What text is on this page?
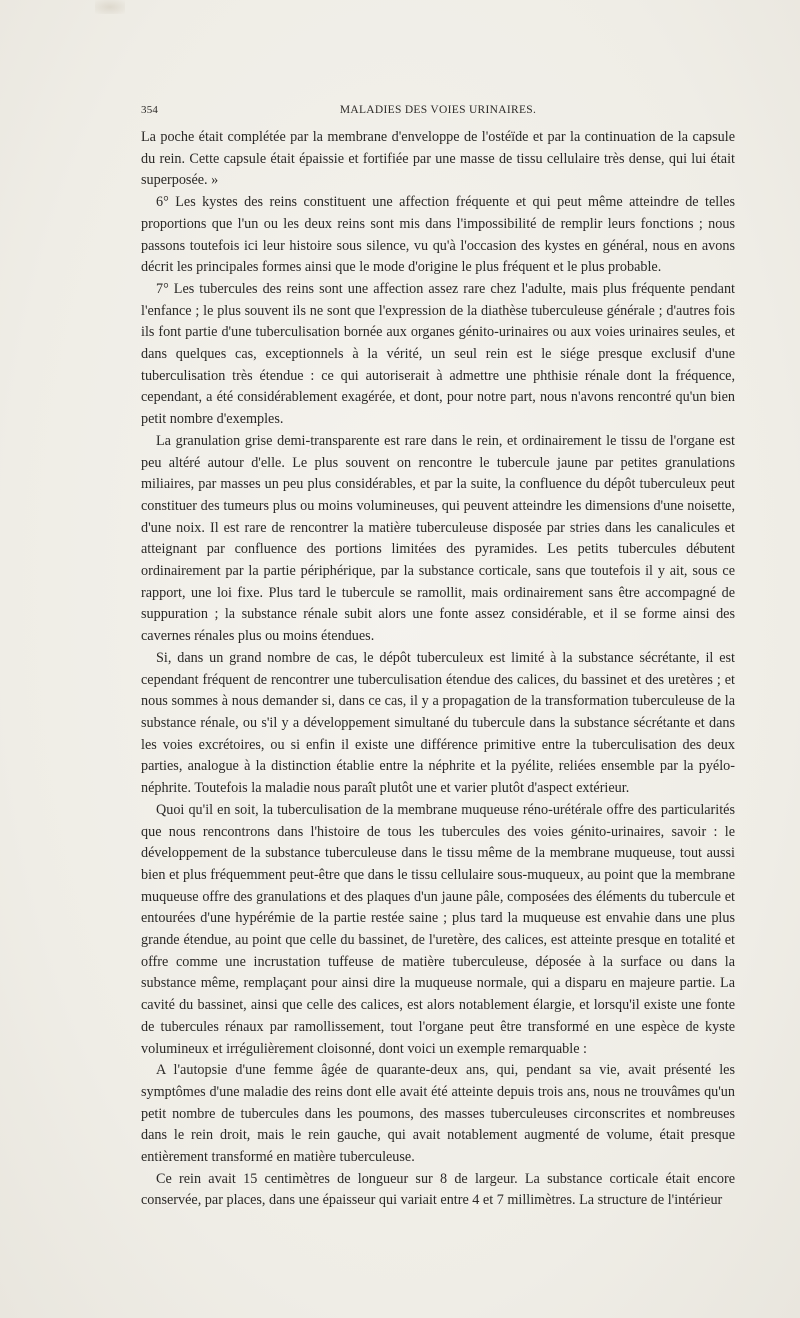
354	MALADIES DES VOIES URINAIRES.

La poche était complétée par la membrane d'enveloppe de l'ostéïde et par la continuation de la capsule du rein. Cette capsule était épaissie et fortifiée par une masse de tissu cellulaire très dense, qui lui était superposée. »

6° Les kystes des reins constituent une affection fréquente et qui peut même atteindre de telles proportions que l'un ou les deux reins sont mis dans l'impossibilité de remplir leurs fonctions ; nous passons toutefois ici leur histoire sous silence, vu qu'à l'occasion des kystes en général, nous en avons décrit les principales formes ainsi que le mode d'origine le plus fréquent et le plus probable.

7° Les tubercules des reins sont une affection assez rare chez l'adulte, mais plus fréquente pendant l'enfance ; le plus souvent ils ne sont que l'expression de la diathèse tuberculeuse générale ; d'autres fois ils font partie d'une tuberculisation bornée aux organes génito-urinaires ou aux voies urinaires seules, et dans quelques cas, exceptionnels à la vérité, un seul rein est le siége presque exclusif d'une tuberculisation très étendue : ce qui autoriserait à admettre une phthisie rénale dont la fréquence, cependant, a été considérablement exagérée, et dont, pour notre part, nous n'avons rencontré qu'un bien petit nombre d'exemples.

La granulation grise demi-transparente est rare dans le rein, et ordinairement le tissu de l'organe est peu altéré autour d'elle. Le plus souvent on rencontre le tubercule jaune par petites granulations miliaires, par masses un peu plus considérables, et par la suite, la confluence du dépôt tuberculeux peut constituer des tumeurs plus ou moins volumineuses, qui peuvent atteindre les dimensions d'une noisette, d'une noix. Il est rare de rencontrer la matière tuberculeuse disposée par stries dans les canalicules et atteignant par confluence des portions limitées des pyramides. Les petits tubercules débutent ordinairement par la partie périphérique, par la substance corticale, sans que toutefois il y ait, sous ce rapport, une loi fixe. Plus tard le tubercule se ramollit, mais ordinairement sans être accompagné de suppuration ; la substance rénale subit alors une fonte assez considérable, et il se forme ainsi des cavernes rénales plus ou moins étendues.

Si, dans un grand nombre de cas, le dépôt tuberculeux est limité à la substance sécrétante, il est cependant fréquent de rencontrer une tuberculisation étendue des calices, du bassinet et des uretères ; et nous sommes à nous demander si, dans ce cas, il y a propagation de la transformation tuberculeuse de la substance rénale, ou s'il y a développement simultané du tubercule dans la substance sécrétante et dans les voies excrétoires, ou si enfin il existe une différence primitive entre la tuberculisation des deux parties, analogue à la distinction établie entre la néphrite et la pyélite, reliées ensemble par la pyélo-néphrite. Toutefois la maladie nous paraît plutôt une et varier plutôt d'aspect extérieur.

Quoi qu'il en soit, la tuberculisation de la membrane muqueuse réno-urétérale offre des particularités que nous rencontrons dans l'histoire de tous les tubercules des voies génito-urinaires, savoir : le développement de la substance tuberculeuse dans le tissu même de la membrane muqueuse, tout aussi bien et plus fréquemment peut-être que dans le tissu cellulaire sous-muqueux, au point que la membrane muqueuse offre des granulations et des plaques d'un jaune pâle, composées des éléments du tubercule et entourées d'une hypérémie de la partie restée saine ; plus tard la muqueuse est envahie dans une plus grande étendue, au point que celle du bassinet, de l'uretère, des calices, est atteinte presque en totalité et offre comme une incrustation tuffeuse de matière tuberculeuse, déposée à la surface ou dans la substance même, remplaçant pour ainsi dire la muqueuse normale, qui a disparu en majeure partie. La cavité du bassinet, ainsi que celle des calices, est alors notablement élargie, et lorsqu'il existe une fonte de tubercules rénaux par ramollissement, tout l'organe peut être transformé en une espèce de kyste volumineux et irrégulièrement cloisonné, dont voici un exemple remarquable :

A l'autopsie d'une femme âgée de quarante-deux ans, qui, pendant sa vie, avait présenté les symptômes d'une maladie des reins dont elle avait été atteinte depuis trois ans, nous ne trouvâmes qu'un petit nombre de tubercules dans les poumons, des masses tuberculeuses circonscrites et nombreuses dans le rein droit, mais le rein gauche, qui avait notablement augmenté de volume, était presque entièrement transformé en matière tuberculeuse.

Ce rein avait 15 centimètres de longueur sur 8 de largeur. La substance corticale était encore conservée, par places, dans une épaisseur qui variait entre 4 et 7 millimètres. La structure de l'intérieur
